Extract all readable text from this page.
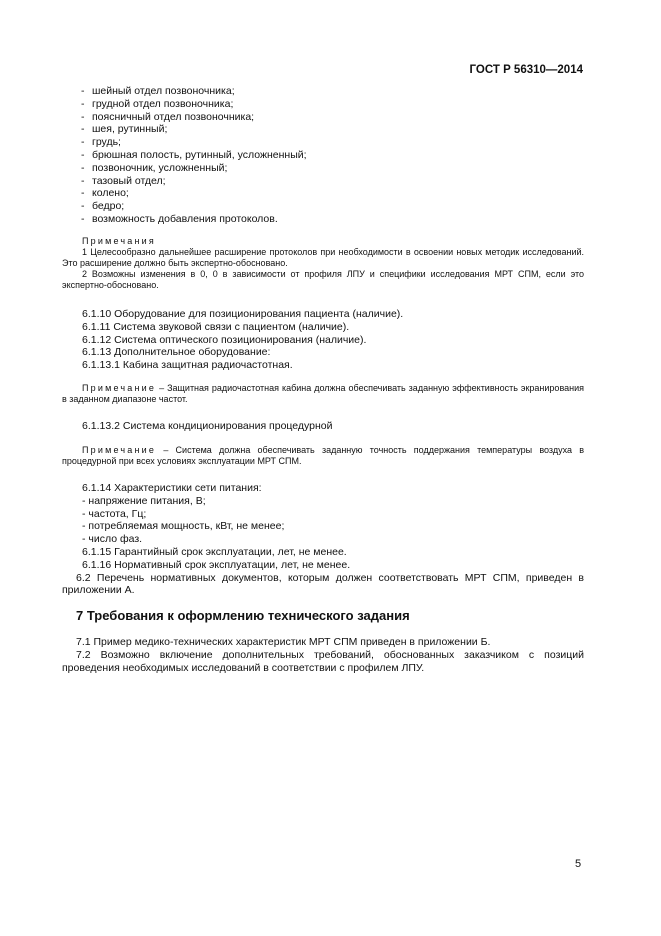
ГОСТ Р 56310—2014
- шейный отдел позвоночника;
- грудной отдел позвоночника;
- поясничный отдел позвоночника;
- шея, рутинный;
- грудь;
- брюшная полость, рутинный, усложненный;
- позвоночник, усложненный;
- тазовый отдел;
- колено;
- бедро;
- возможность добавления протоколов.
Примечания

1 Целесообразно дальнейшее расширение протоколов при необходимости в освоении новых методик исследований. Это расширение должно быть экспертно-обосновано.

2 Возможны изменения в 0, 0 в зависимости от профиля ЛПУ и специфики исследования МРТ СПМ, если это экспертно-обосновано.

6.1.10 Оборудование для позиционирования пациента (наличие).
6.1.11 Система звуковой связи с пациентом (наличие).
6.1.12 Система оптического позиционирования (наличие).
6.1.13 Дополнительное оборудование:
6.1.13.1 Кабина защитная радиочастотная.

Примечание – Защитная радиочастотная кабина должна обеспечивать заданную эффективность экранирования в заданном диапазоне частот.

6.1.13.2 Система кондиционирования процедурной

Примечание – Система должна обеспечивать заданную точность поддержания температуры воздуха в процедурной при всех условиях эксплуатации МРТ СПМ.

6.1.14 Характеристики сети питания:
- напряжение питания, В;
- частота, Гц;
- потребляемая мощность, кВт, не менее;
- число фаз.
6.1.15 Гарантийный срок эксплуатации, лет, не менее.
6.1.16 Нормативный срок эксплуатации, лет, не менее.

6.2 Перечень нормативных документов, которым должен соответствовать МРТ СПМ, приведен в приложении А.

7 Требования к оформлению технического задания

7.1 Пример медико-технических характеристик МРТ СПМ приведен в приложении Б.

7.2 Возможно включение дополнительных требований, обоснованных заказчиком с позиций проведения необходимых исследований в соответствии с профилем ЛПУ.

5
